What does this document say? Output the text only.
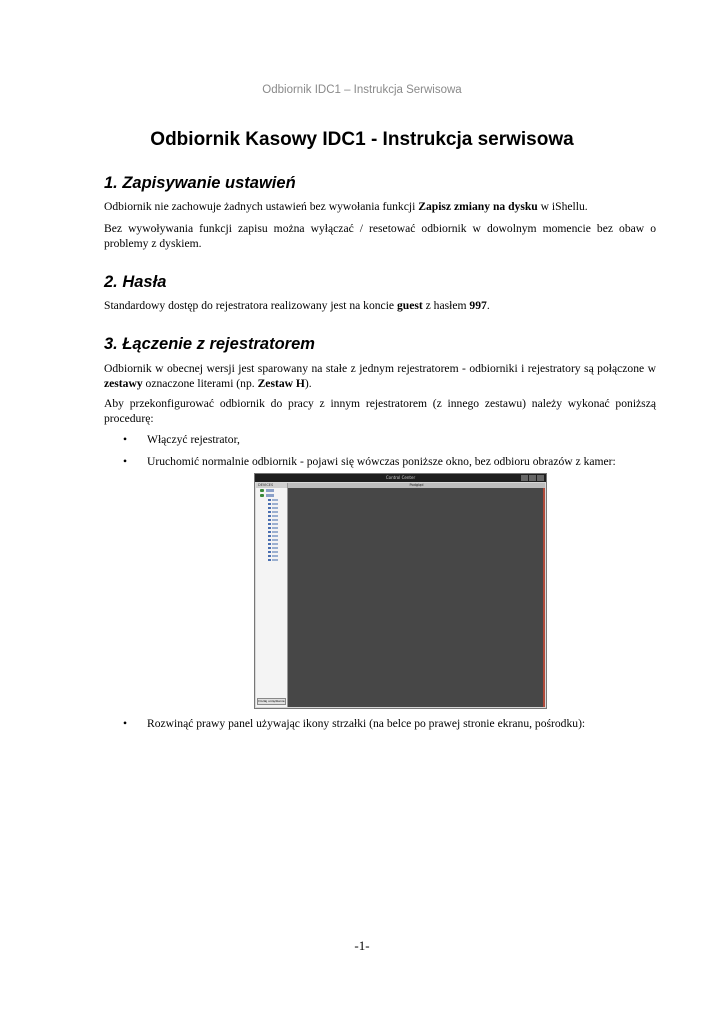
Odbiornik IDC1 – Instrukcja Serwisowa
Odbiornik Kasowy IDC1 - Instrukcja serwisowa
1. Zapisywanie ustawień
Odbiornik nie zachowuje żadnych ustawień bez wywołania funkcji Zapisz zmiany na dysku w iShellu.
Bez wywoływania funkcji zapisu można wyłączać / resetować odbiornik w dowolnym momencie bez obaw o problemy z dyskiem.
2. Hasła
Standardowy dostęp do rejestratora realizowany jest na koncie guest z hasłem 997.
3. Łączenie z rejestratorem
Odbiornik w obecnej wersji jest sparowany na stałe z jednym rejestratorem - odbiorniki i rejestratory są połączone w zestawy oznaczone literami (np. Zestaw H).
Aby przekonfigurować odbiornik do pracy z innym rejestratorem (z innego zestawu) należy wykonać poniższą procedurę:
• Włączyć rejestrator,
• Uruchomić normalnie odbiornik - pojawi się wówczas poniższe okno, bez odbioru obrazów z kamer:
Control Center
DEVICES
Dodaj urządzenie
Podgląd
• Rozwinąć prawy panel używając ikony strzałki (na belce po prawej stronie ekranu, pośrodku):
-1-
